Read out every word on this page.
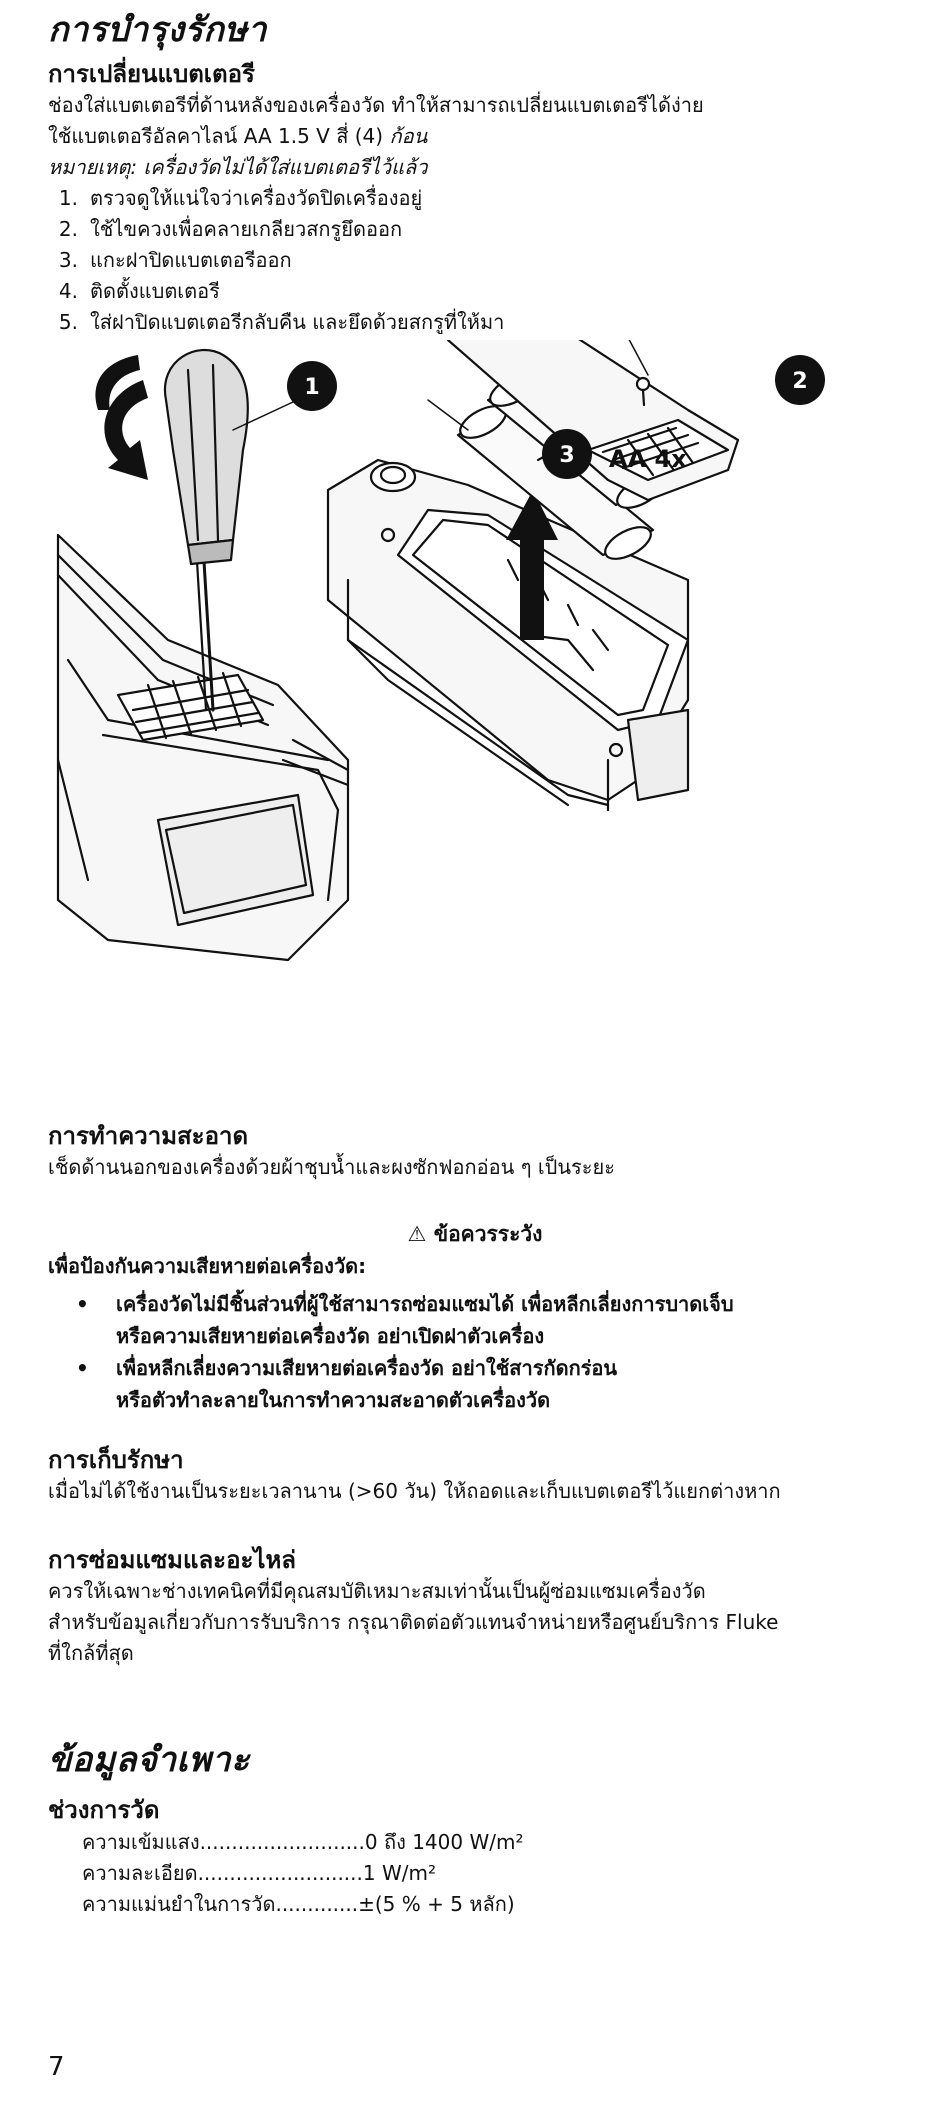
การบำรุงรักษา
การเปลี่ยนแบตเตอรี
ช่องใส่แบตเตอรีที่ด้านหลังของเครื่องวัด ทำให้สามารถเปลี่ยนแบตเตอรีได้ง่าย
ใช้แบตเตอรีอัลคาไลน์ AA 1.5 V สี่ (4) ก้อน
หมายเหตุ: เครื่องวัดไม่ได้ใส่แบตเตอรีไว้แล้ว
1. ตรวจดูให้แน่ใจว่าเครื่องวัดปิดเครื่องอยู่
2. ใช้ไขควงเพื่อคลายเกลียวสกรูยึดออก
3. แกะฝาปิดแบตเตอรีออก
4. ติดตั้งแบตเตอรี
5. ใส่ฝาปิดแบตเตอรีกลับคืน และยึดด้วยสกรูที่ให้มา
1
3 AA 4x
2
การทำความสะอาด
เช็ดด้านนอกของเครื่องด้วยผ้าชุบน้ำและผงซักฟอกอ่อน ๆ เป็นระยะ
⚠ ข้อควรระวัง
เพื่อป้องกันความเสียหายต่อเครื่องวัด:
• เครื่องวัดไม่มีชิ้นส่วนที่ผู้ใช้สามารถซ่อมแซมได้ เพื่อหลีกเลี่ยงการบาดเจ็บ
หรือความเสียหายต่อเครื่องวัด อย่าเปิดฝาตัวเครื่อง
• เพื่อหลีกเลี่ยงความเสียหายต่อเครื่องวัด อย่าใช้สารกัดกร่อน
หรือตัวทำละลายในการทำความสะอาดตัวเครื่องวัด
การเก็บรักษา
เมื่อไม่ได้ใช้งานเป็นระยะเวลานาน (>60 วัน) ให้ถอดและเก็บแบตเตอรีไว้แยกต่างหาก
การซ่อมแซมและอะไหล่
ควรให้เฉพาะช่างเทคนิคที่มีคุณสมบัติเหมาะสมเท่านั้นเป็นผู้ซ่อมแซมเครื่องวัด
สำหรับข้อมูลเกี่ยวกับการรับบริการ กรุณาติดต่อตัวแทนจำหน่ายหรือศูนย์บริการ Fluke
ที่ใกล้ที่สุด
ข้อมูลจำเพาะ
ช่วงการวัด
ความเข้มแสง..........................0 ถึง 1400 W/m²
ความละเอียด..........................1 W/m²
ความแม่นยำในการวัด.............±(5 % + 5 หลัก)
7
